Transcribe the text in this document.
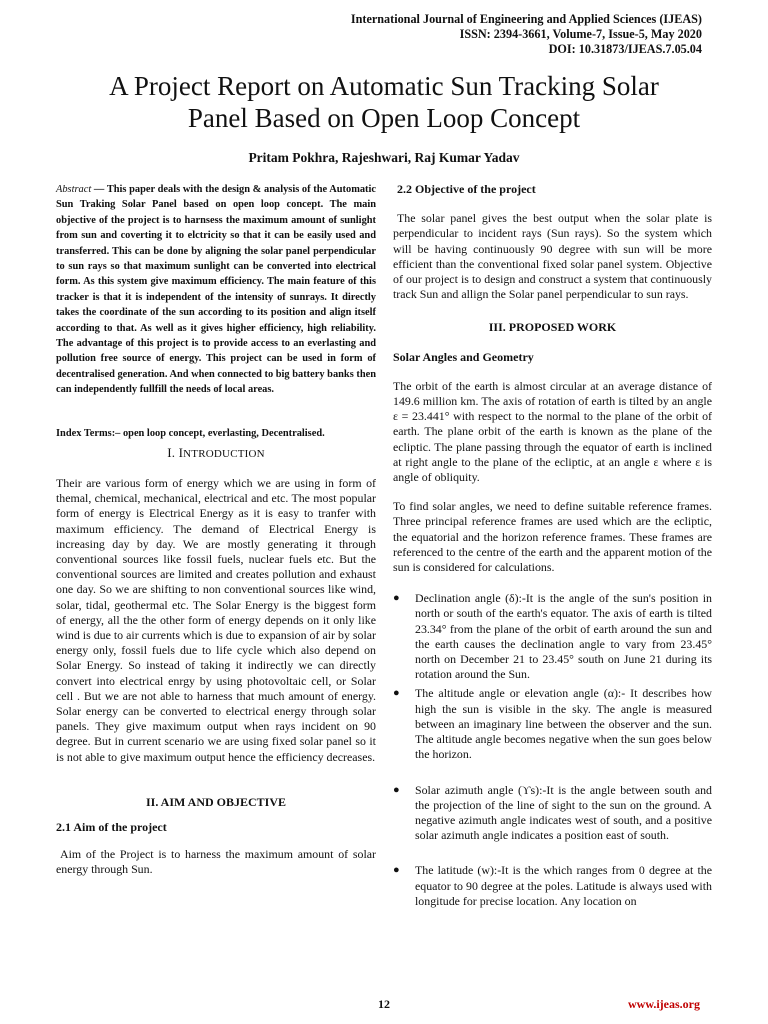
International Journal of Engineering and Applied Sciences (IJEAS)
ISSN: 2394-3661, Volume-7, Issue-5, May 2020
DOI: 10.31873/IJEAS.7.05.04
A Project Report on Automatic Sun Tracking Solar
Panel Based on Open Loop Concept
Pritam Pokhra, Rajeshwari, Raj Kumar Yadav

Abstract — This paper deals with the design & analysis of the Automatic Sun Traking Solar Panel based on open loop concept. The main objective of the project is to harnsess the maximum amount of sunlight from sun and coverting it to elctricity so that it can be easily used and transferred. This can be done by aligning the solar panel perpendicular to sun rays so that maximum sunlight can be converted into electrical form. As this system give maximum efficiency. The main feature of this tracker is that it is independent of the intensity of sunrays. It directly takes the coordinate of the sun according to its position and align itself according to that. As well as it gives higher efficiency, high reliability. The advantage of this project is to provide access to an everlasting and pollution free source of energy. This project can be used in form of decentralised generation. And when connected to big battery banks then can independently fullfill the needs of local areas.

Index Terms:– open loop concept, everlasting, Decentralised.

I. INTRODUCTION

Their are various form of energy which we are using in form of themal, chemical, mechanical, electrical and etc. The most popular form of energy is Electrical Energy as it is easy to tranfer with maximum efficiency. The demand of Electrical Energy is increasing day by day. We are mostly generating it through conventional sources like fossil fuels, nuclear fuels etc. But the conventional sources are limited and creates pollution and exhaust one day. So we are shifting to non conventional sources like wind, solar, tidal, geothermal etc. The Solar Energy is the biggest form of energy, all the the other form of energy depends on it only like wind is due to air currents which is due to expansion of air by solar energy only, fossil fuels due to life cycle which also depend on Solar Energy. So instead of taking it indirectly we can directly convert into electrical enrgy by using photovoltaic cell, or Solar cell . But we are not able to harness that much amount of energy. Solar energy can be converted to electrical energy through solar panels. They give maximum output when rays incident on 90 degree. But in current scenario we are using fixed solar panel so it is not able to give maximum output hence the efficiency decreases.

II. AIM AND OBJECTIVE
2.1 Aim of the project

Aim of the Project is to harness the maximum amount of solar energy through Sun.

2.2 Objective of the project

The solar panel gives the best output when the solar plate is perpendicular to incident rays (Sun rays). So the system which will be having continuously 90 degree with sun will be more efficient than the conventional fixed solar panel system. Objective of our project is to design and construct a system that continuously track Sun and allign the Solar panel perpendicular to sun rays.

III. PROPOSED WORK
Solar Angles and Geometry

The orbit of the earth is almost circular at an average distance of 149.6 million km. The axis of rotation of earth is tilted by an angle ε = 23.441° with respect to the normal to the plane of the orbit of earth. The plane orbit of the earth is known as the plane of the ecliptic. The plane passing through the equator of earth is inclined at right angle to the plane of the ecliptic, at an angle ε where ε is angle of obliquity.

To find solar angles, we need to define suitable reference frames. Three principal reference frames are used which are the ecliptic, the equatorial and the horizon reference frames. These frames are referenced to the centre of the earth and the apparent motion of the sun is considered for calculations.

● Declination angle (δ):-It is the angle of the sun's position in north or south of the earth's equator. The axis of earth is tilted 23.34° from the plane of the orbit of earth around the sun and the earth causes the declination angle to vary from 23.45° north on December 21 to 23.45° south on June 21 during its rotation around the Sun.
● The altitude angle or elevation angle (α):- It describes how high the sun is visible in the sky. The angle is measured between an imaginary line between the observer and the sun. The altitude angle becomes negative when the sun goes below the horizon.
● Solar azimuth angle (ϒs):-It is the angle between south and the projection of the line of sight to the sun on the ground. A negative azimuth angle indicates west of south, and a positive solar azimuth angle indicates a position east of south.
● The latitude (w):-It is the which ranges from 0 degree at the equator to 90 degree at the poles. Latitude is always used with longitude for precise location. Any location on
12	www.ijeas.org
